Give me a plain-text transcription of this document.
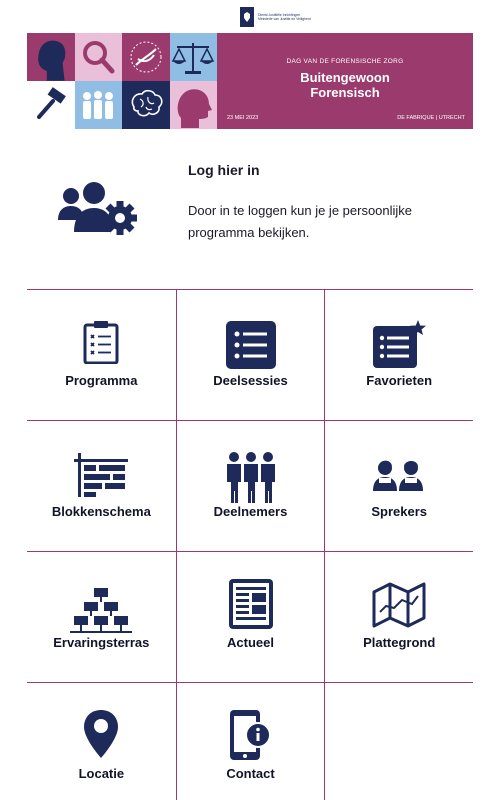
Dienst Justitiële Inrichtingen
Ministerie van Justitie en Veiligheid
DAG VAN DE FORENSISCHE ZORG
Buitengewoon
Forensisch
23 MEI 2023	DE FABRIQUE | UTRECHT
Log hier in
Door in te loggen kun je je persoonlijke programma bekijken.
Programma	Deelsessies	Favorieten
Blokkenschema	Deelnemers	Sprekers
Ervaringsterras	Actueel	Plattegrond
Locatie	Contact
